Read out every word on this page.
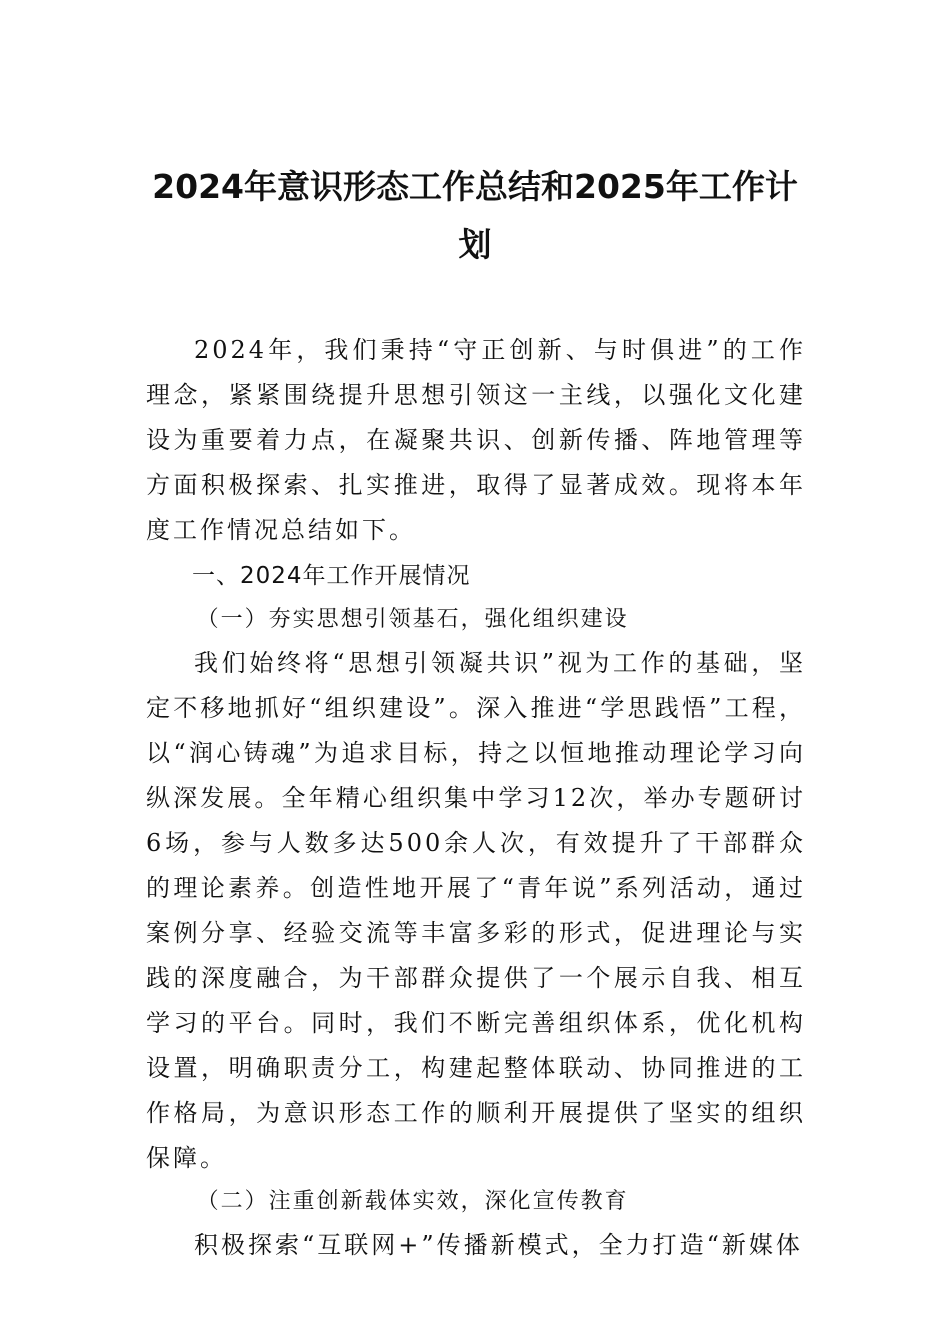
2024年意识形态工作总结和2025年工作计
划

2024年，我们秉持“守正创新、与时俱进”的工作理念，紧紧围绕提升思想引领这一主线，以强化文化建设为重要着力点，在凝聚共识、创新传播、阵地管理等方面积极探索、扎实推进，取得了显著成效。现将本年度工作情况总结如下。

一、2024年工作开展情况

（一）夯实思想引领基石，强化组织建设

我们始终将“思想引领凝共识”视为工作的基础，坚定不移地抓好“组织建设”。深入推进“学思践悟”工程，以“润心铸魂”为追求目标，持之以恒地推动理论学习向纵深发展。全年精心组织集中学习12次，举办专题研讨6场，参与人数多达500余人次，有效提升了干部群众的理论素养。创造性地开展了“青年说”系列活动，通过案例分享、经验交流等丰富多彩的形式，促进理论与实践的深度融合，为干部群众提供了一个展示自我、相互学习的平台。同时，我们不断完善组织体系，优化机构设置，明确职责分工，构建起整体联动、协同推进的工作格局，为意识形态工作的顺利开展提供了坚实的组织保障。

（二）注重创新载体实效，深化宣传教育

积极探索“互联网+”传播新模式，全力打造“新媒体
